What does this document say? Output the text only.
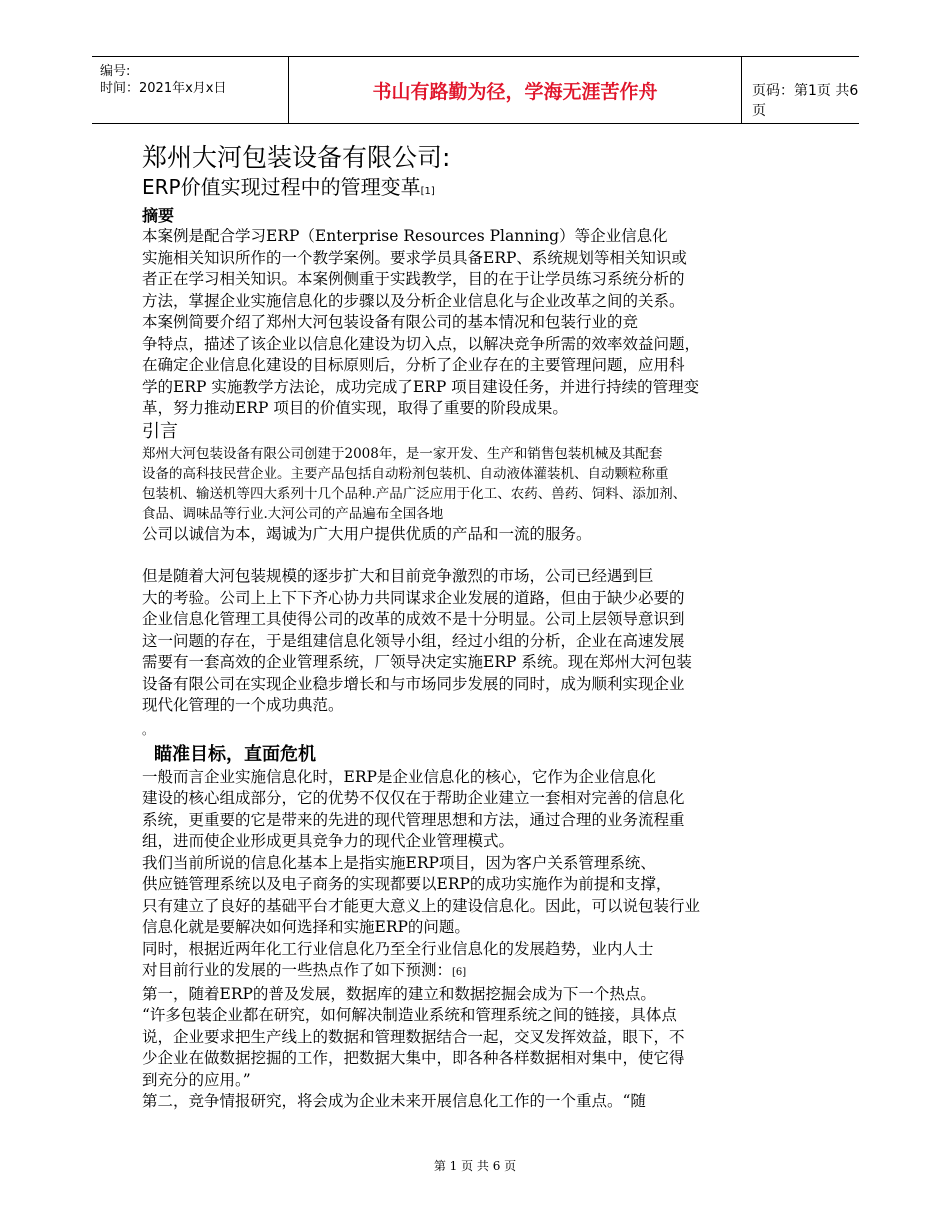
编号:
时间：2021年x月x日	书山有路勤为径，学海无涯苦作舟	页码：第1页 共6页
郑州大河包装设备有限公司:
ERP价值实现过程中的管理变革[1]
摘要

本案例是配合学习ERP（Enterprise Resources Planning）等企业信息化

实施相关知识所作的一个教学案例。要求学员具备ERP、系统规划等相关知识或

者正在学习相关知识。本案例侧重于实践教学，目的在于让学员练习系统分析的

方法，掌握企业实施信息化的步骤以及分析企业信息化与企业改革之间的关系。

本案例简要介绍了郑州大河包装设备有限公司的基本情况和包装行业的竞

争特点，描述了该企业以信息化建设为切入点，以解决竞争所需的效率效益问题，

在确定企业信息化建设的目标原则后，分析了企业存在的主要管理问题，应用科

学的ERP 实施教学方法论，成功完成了ERP 项目建设任务，并进行持续的管理变

革，努力推动ERP 项目的价值实现，取得了重要的阶段成果。

引言

郑州大河包装设备有限公司创建于2008年，是一家开发、生产和销售包装机械及其配套

设备的高科技民营企业。主要产品包括自动粉剂包装机、自动液体灌装机、自动颗粒称重

包装机、输送机等四大系列十几个品种.产品广泛应用于化工、农药、兽药、饲料、添加剂、

食品、调味品等行业.大河公司的产品遍布全国各地

公司以诚信为本，竭诚为广大用户提供优质的产品和一流的服务。

但是随着大河包装规模的逐步扩大和目前竞争激烈的市场，公司已经遇到巨

大的考验。公司上上下下齐心协力共同谋求企业发展的道路，但由于缺少必要的

企业信息化管理工具使得公司的改革的成效不是十分明显。公司上层领导意识到

这一问题的存在，于是组建信息化领导小组，经过小组的分析，企业在高速发展

需要有一套高效的企业管理系统，厂领导决定实施ERP 系统。现在郑州大河包装

设备有限公司在实现企业稳步增长和与市场同步发展的同时，成为顺利实现企业

现代化管理的一个成功典范。

。
瞄准目标，直面危机

一般而言企业实施信息化时，ERP是企业信息化的核心，它作为企业信息化

建设的核心组成部分，它的优势不仅仅在于帮助企业建立一套相对完善的信息化

系统，更重要的它是带来的先进的现代管理思想和方法，通过合理的业务流程重

组，进而使企业形成更具竞争力的现代企业管理模式。

我们当前所说的信息化基本上是指实施ERP项目，因为客户关系管理系统、

供应链管理系统以及电子商务的实现都要以ERP的成功实施作为前提和支撑，

只有建立了良好的基础平台才能更大意义上的建设信息化。因此，可以说包装行业

信息化就是要解决如何选择和实施ERP的问题。

同时，根据近两年化工行业信息化乃至全行业信息化的发展趋势，业内人士

对目前行业的发展的一些热点作了如下预测：[6]

第一，随着ERP的普及发展，数据库的建立和数据挖掘会成为下一个热点。

“许多包装企业都在研究，如何解决制造业系统和管理系统之间的链接，具体点

说，企业要求把生产线上的数据和管理数据结合一起，交叉发挥效益，眼下，不

少企业在做数据挖掘的工作，把数据大集中，即各种各样数据相对集中，使它得

到充分的应用。”

第二，竞争情报研究，将会成为企业未来开展信息化工作的一个重点。“随

第 1 页 共 6 页
